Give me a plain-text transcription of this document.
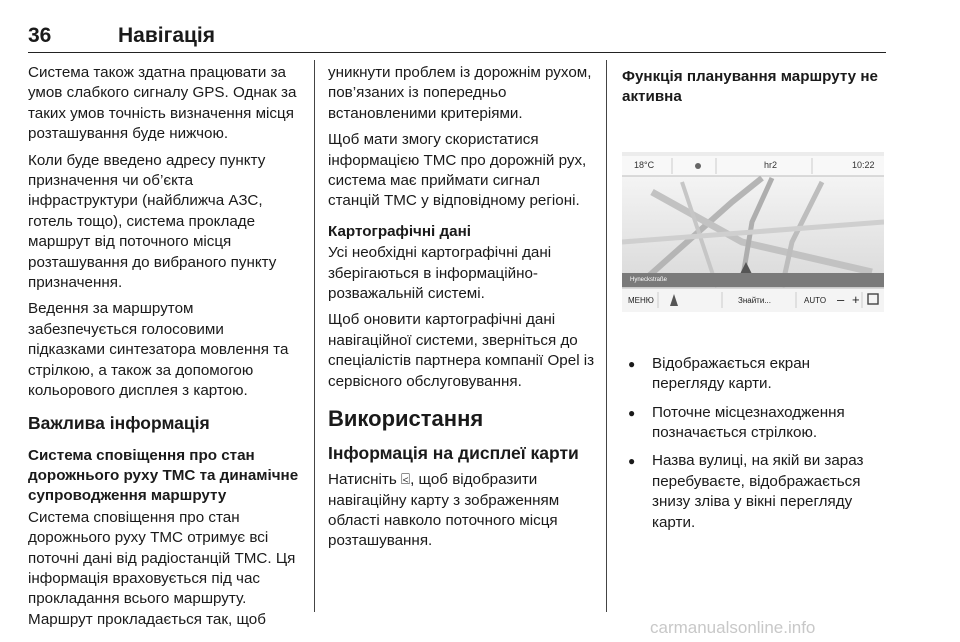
36	Навігація

Система також здатна працювати за умов слабкого сигналу GPS. Однак за таких умов точність визначення місця розташування буде нижчою.

Коли буде введено адресу пункту призначення чи об’єкта інфраструктури (найближча АЗС, готель тощо), система прокладе маршрут від поточного місця розташування до вибраного пункту призначення.

Ведення за маршрутом забезпечується голосовими підказками синтезатора мовлення та стрілкою, а також за допомогою кольорового дисплея з картою.

Важлива інформація
Система сповіщення про стан дорожнього руху TMC та динамічне супроводження маршруту

Система сповіщення про стан дорожнього руху TMC отримує всі поточні дані від радіостанцій TMC. Ця інформація враховується під час прокладання всього маршруту. Маршрут прокладається так, щоб

уникнути проблем із дорожнім рухом, пов’язаних із попередньо встановленими критеріями.

Щоб мати змогу скористатися інформацією TMC про дорожній рух, система має приймати сигнал станцій TMC у відповідному регіоні.

Картографічні дані

Усі необхідні картографічні дані зберігаються в інформаційно-розважальній системі.

Щоб оновити картографічні дані навігаційної системи, зверніться до спеціалістів партнера компанії Opel із сервісного обслуговування.

Використання
Інформація на дисплеї карти

Натисніть ⍃, щоб відобразити навігаційну карту з зображенням області навколо поточного місця розташування.

Функція планування маршруту не активна
18°C	hr2	10:22
Hyneckstraße
МЕНЮ	Знайти...	AUTO – +
● Відображається екран перегляду карти.
● Поточне місцезнаходження позначається стрілкою.
● Назва вулиці, на якій ви зараз перебуваєте, відображається знизу зліва у вікні перегляду карти.
carmanualsonline.info
